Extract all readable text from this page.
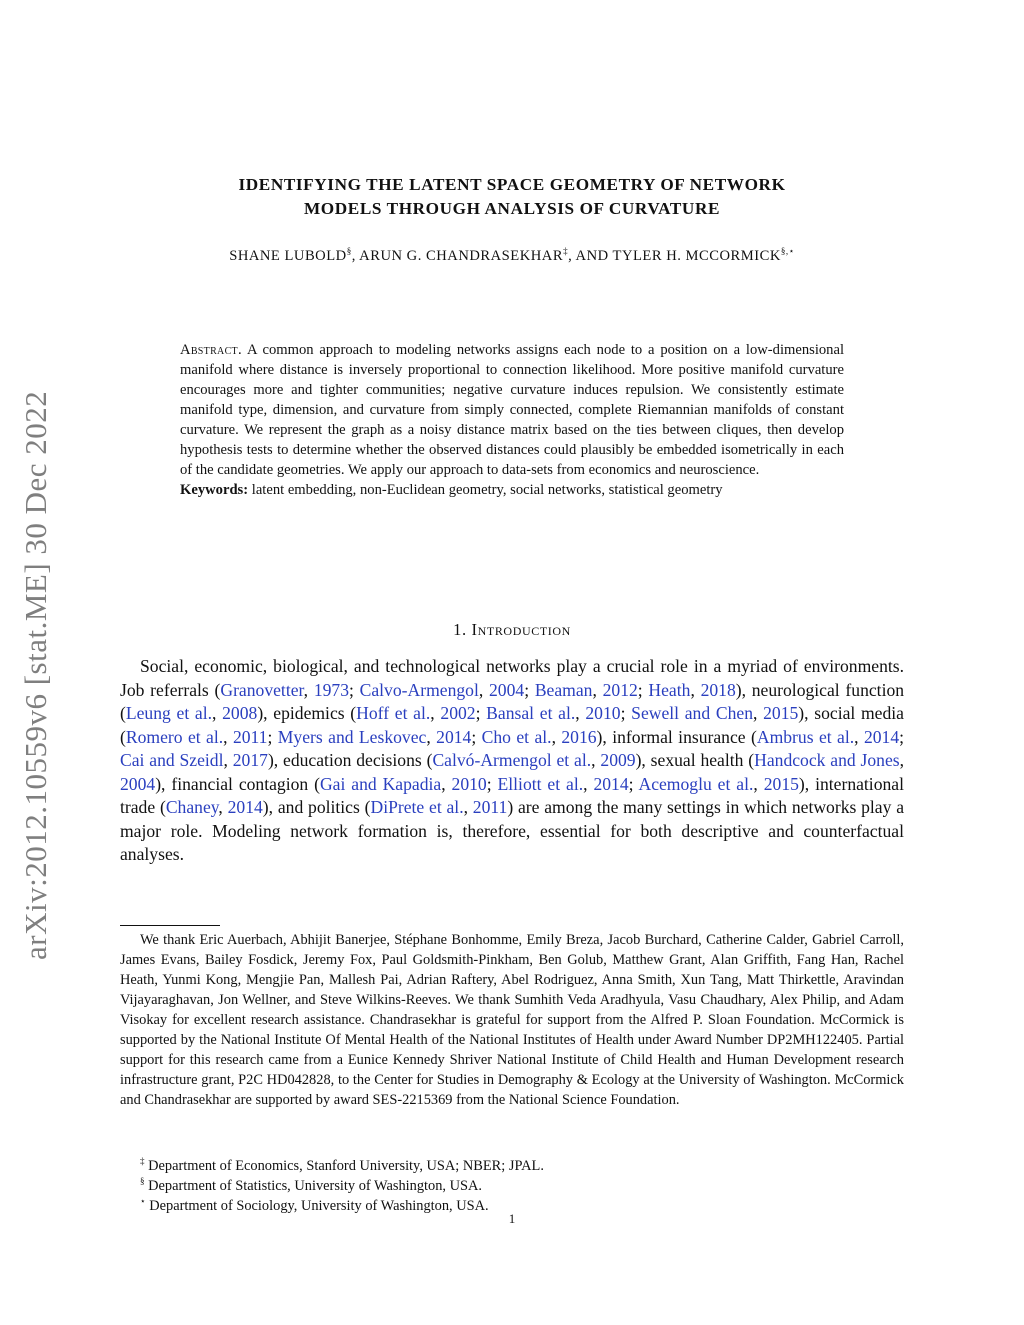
arXiv:2012.10559v6 [stat.ME] 30 Dec 2022
IDENTIFYING THE LATENT SPACE GEOMETRY OF NETWORK
MODELS THROUGH ANALYSIS OF CURVATURE
SHANE LUBOLD§, ARUN G. CHANDRASEKHAR‡, AND TYLER H. MCCORMICK§,⋆
Abstract. A common approach to modeling networks assigns each node to a position on a low-dimensional manifold where distance is inversely proportional to connection likelihood. More positive manifold curvature encourages more and tighter communities; negative curvature induces repulsion. We consistently estimate manifold type, dimension, and curvature from simply connected, complete Riemannian manifolds of constant curvature. We represent the graph as a noisy distance matrix based on the ties between cliques, then develop hypothesis tests to determine whether the observed distances could plausibly be embedded isometrically in each of the candidate geometries. We apply our approach to data-sets from economics and neuroscience.
Keywords: latent embedding, non-Euclidean geometry, social networks, statistical geometry
1. Introduction

Social, economic, biological, and technological networks play a crucial role in a myriad of environments. Job referrals (Granovetter, 1973; Calvo-Armengol, 2004; Beaman, 2012; Heath, 2018), neurological function (Leung et al., 2008), epidemics (Hoff et al., 2002; Bansal et al., 2010; Sewell and Chen, 2015), social media (Romero et al., 2011; Myers and Leskovec, 2014; Cho et al., 2016), informal insurance (Ambrus et al., 2014; Cai and Szeidl, 2017), education decisions (Calvó-Armengol et al., 2009), sexual health (Handcock and Jones, 2004), financial contagion (Gai and Kapadia, 2010; Elliott et al., 2014; Acemoglu et al., 2015), international trade (Chaney, 2014), and politics (DiPrete et al., 2011) are among the many settings in which networks play a major role. Modeling network formation is, therefore, essential for both descriptive and counterfactual analyses.

We thank Eric Auerbach, Abhijit Banerjee, Stéphane Bonhomme, Emily Breza, Jacob Burchard, Catherine Calder, Gabriel Carroll, James Evans, Bailey Fosdick, Jeremy Fox, Paul Goldsmith-Pinkham, Ben Golub, Matthew Grant, Alan Griffith, Fang Han, Rachel Heath, Yunmi Kong, Mengjie Pan, Mallesh Pai, Adrian Raftery, Abel Rodriguez, Anna Smith, Xun Tang, Matt Thirkettle, Aravindan Vijayaraghavan, Jon Wellner, and Steve Wilkins-Reeves. We thank Sumhith Veda Aradhyula, Vasu Chaudhary, Alex Philip, and Adam Visokay for excellent research assistance. Chandrasekhar is grateful for support from the Alfred P. Sloan Foundation. McCormick is supported by the National Institute Of Mental Health of the National Institutes of Health under Award Number DP2MH122405. Partial support for this research came from a Eunice Kennedy Shriver National Institute of Child Health and Human Development research infrastructure grant, P2C HD042828, to the Center for Studies in Demography & Ecology at the University of Washington. McCormick and Chandrasekhar are supported by award SES-2215369 from the National Science Foundation.

‡ Department of Economics, Stanford University, USA; NBER; JPAL.
§ Department of Statistics, University of Washington, USA.
⋆ Department of Sociology, University of Washington, USA.
1
